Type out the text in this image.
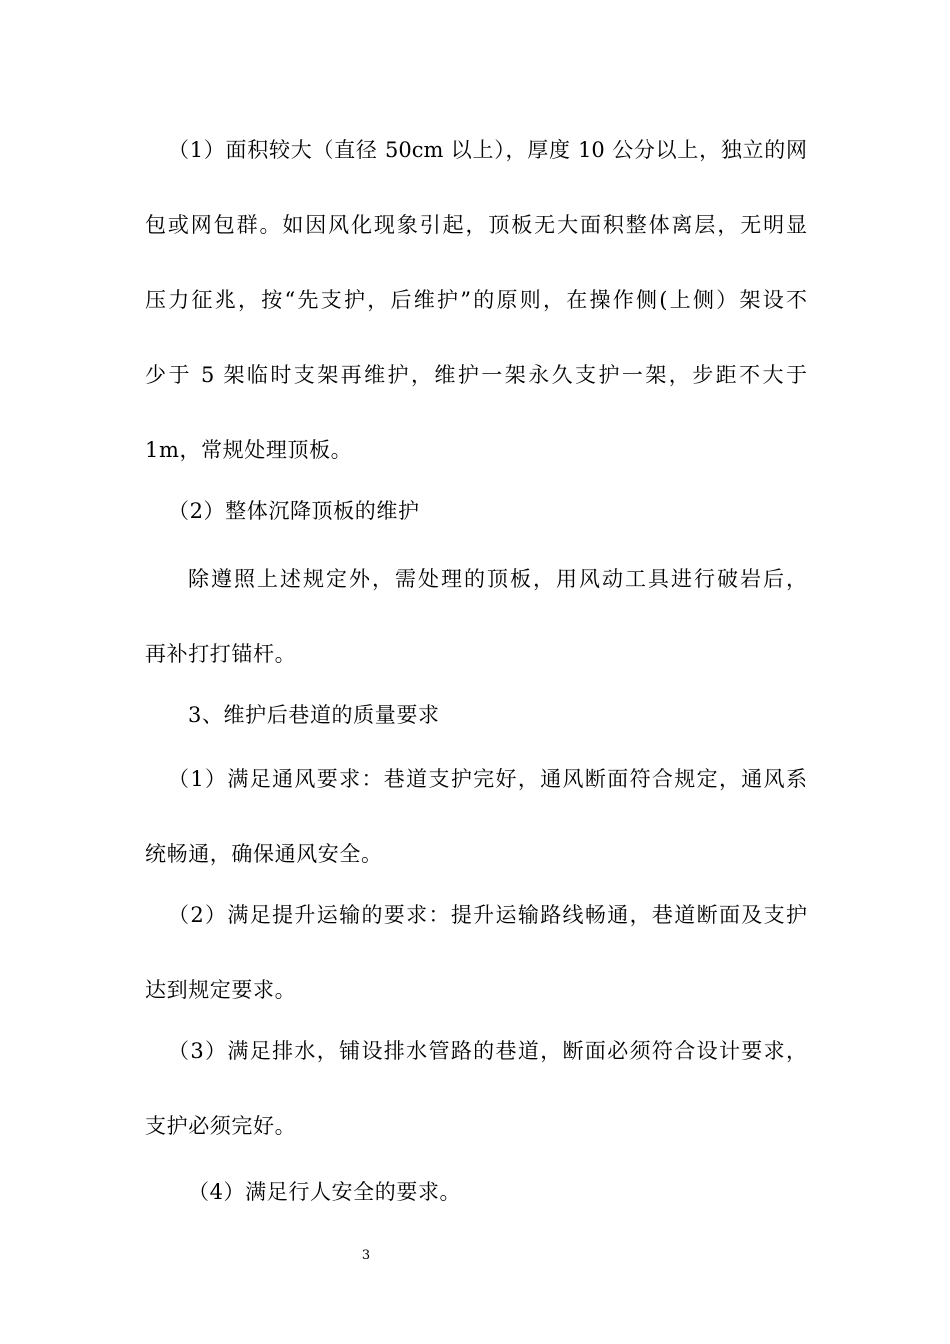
（1）面积较大（直径 50cm 以上），厚度 10 公分以上，独立的网
包或网包群。如因风化现象引起，顶板无大面积整体离层，无明显
压力征兆，按“先支护，后维护”的原则，在操作侧(上侧）架设不
少于 5 架临时支架再维护，维护一架永久支护一架，步距不大于
1m，常规处理顶板。
（2）整体沉降顶板的维护
除遵照上述规定外，需处理的顶板，用风动工具进行破岩后，
再补打打锚杆。
3、维护后巷道的质量要求
（1）满足通风要求：巷道支护完好，通风断面符合规定，通风系
统畅通，确保通风安全。
（2）满足提升运输的要求：提升运输路线畅通，巷道断面及支护
达到规定要求。
（3）满足排水，铺设排水管路的巷道，断面必须符合设计要求，
支护必须完好。
（4）满足行人安全的要求。
3
